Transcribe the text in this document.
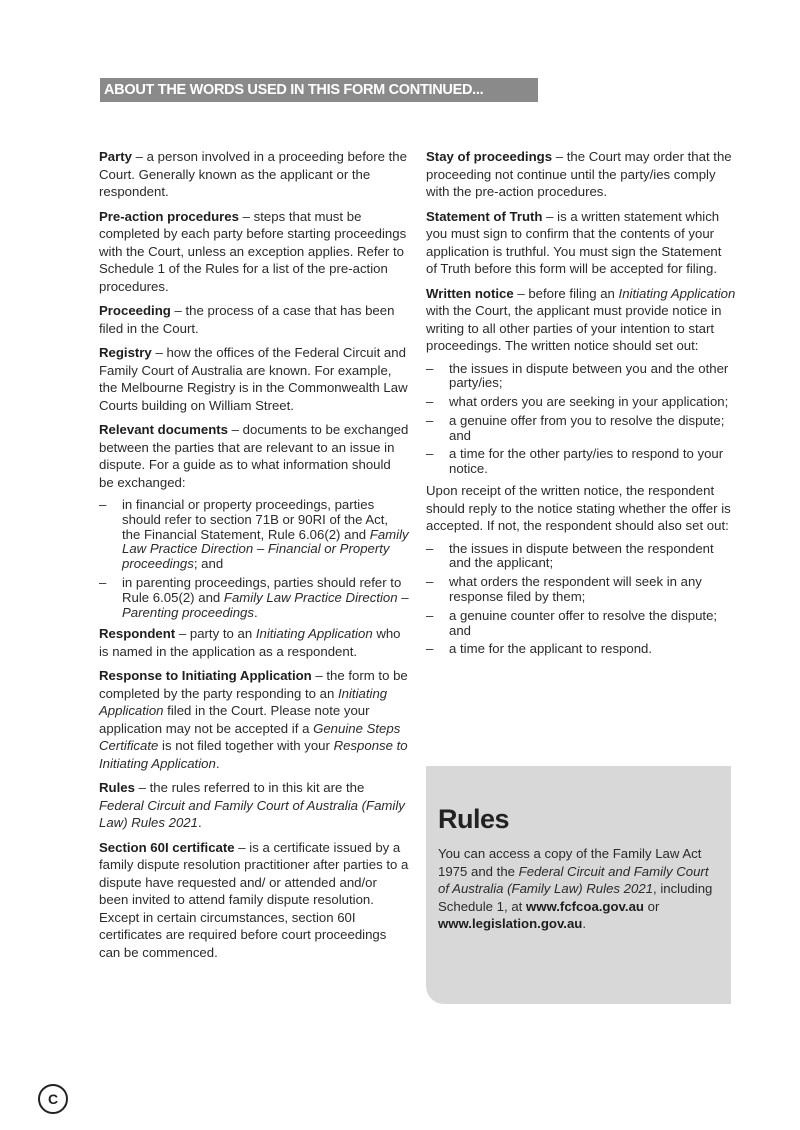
ABOUT THE WORDS USED IN THIS FORM CONTINUED...

Party – a person involved in a proceeding before the Court. Generally known as the applicant or the respondent.

Pre-action procedures – steps that must be completed by each party before starting proceedings with the Court, unless an exception applies. Refer to Schedule 1 of the Rules for a list of the pre-action procedures.

Proceeding – the process of a case that has been filed in the Court.

Registry – how the offices of the Federal Circuit and Family Court of Australia are known. For example, the Melbourne Registry is in the Commonwealth Law Courts building on William Street.

Relevant documents – documents to be exchanged between the parties that are relevant to an issue in dispute. For a guide as to what information should be exchanged:

– in financial or property proceedings, parties should refer to section 71B or 90RI of the Act, the Financial Statement, Rule 6.06(2) and Family Law Practice Direction – Financial or Property proceedings; and
– in parenting proceedings, parties should refer to Rule 6.05(2) and Family Law Practice Direction – Parenting proceedings.

Respondent – party to an Initiating Application who is named in the application as a respondent.

Response to Initiating Application – the form to be completed by the party responding to an Initiating Application filed in the Court. Please note your application may not be accepted if a Genuine Steps Certificate is not filed together with your Response to Initiating Application.

Rules – the rules referred to in this kit are the Federal Circuit and Family Court of Australia (Family Law) Rules 2021.

Section 60I certificate – is a certificate issued by a family dispute resolution practitioner after parties to a dispute have requested and/ or attended and/or been invited to attend family dispute resolution. Except in certain circumstances, section 60I certificates are required before court proceedings can be commenced.

Stay of proceedings – the Court may order that the proceeding not continue until the party/ies comply with the pre-action procedures.

Statement of Truth – is a written statement which you must sign to confirm that the contents of your application is truthful. You must sign the Statement of Truth before this form will be accepted for filing.

Written notice – before filing an Initiating Application with the Court, the applicant must provide notice in writing to all other parties of your intention to start proceedings. The written notice should set out:

– the issues in dispute between you and the other party/ies;
– what orders you are seeking in your application;
– a genuine offer from you to resolve the dispute; and
– a time for the other party/ies to respond to your notice.

Upon receipt of the written notice, the respondent should reply to the notice stating whether the offer is accepted. If not, the respondent should also set out:

– the issues in dispute between the respondent and the applicant;
– what orders the respondent will seek in any response filed by them;
– a genuine counter offer to resolve the dispute; and
– a time for the applicant to respond.
Rules
You can access a copy of the Family Law Act 1975 and the Federal Circuit and Family Court of Australia (Family Law) Rules 2021, including Schedule 1, at www.fcfcoa.gov.au or www.legislation.gov.au.
C
